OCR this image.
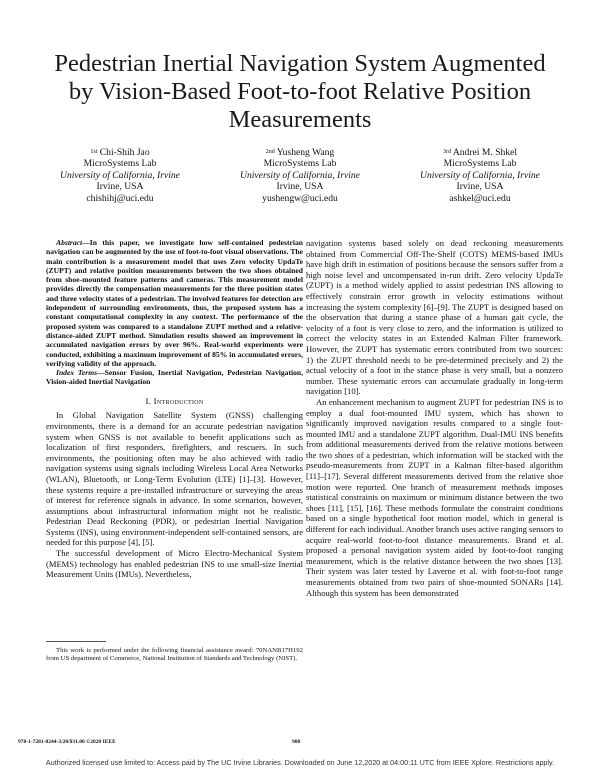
Pedestrian Inertial Navigation System Augmented by Vision-Based Foot-to-foot Relative Position Measurements
$^{1st}$ Chi-Shih Jao
MicroSystems Lab
University of California, Irvine
Irvine, USA
chishihj@uci.edu
$^{2nd}$ Yusheng Wang
MicroSystems Lab
University of California, Irvine
Irvine, USA
yushengw@uci.edu
$^{3rd}$ Andrei M. Shkel
MicroSystems Lab
University of California, Irvine
Irvine, USA
ashkel@uci.edu

Abstract—In this paper, we investigate how self-contained pedestrian navigation can be augmented by the use of foot-to-foot visual observations. The main contribution is a measurement model that uses Zero velocity UpdaTe (ZUPT) and relative position measurements between the two shoes obtained from shoe-mounted feature patterns and cameras. This measurement model provides directly the compensation measurements for the three position states and three velocity states of a pedestrian. The involved features for detection are independent of surrounding environments, thus, the proposed system has a constant computational complexity in any context. The performance of the proposed system was compared to a standalone ZUPT method and a relative-distance-aided ZUPT method. Simulation results showed an improvement in accumulated navigation errors by over 96%. Real-world experiments were conducted, exhibiting a maximum improvement of 85% in accumulated errors, verifying validity of the approach.

Index Terms—Sensor Fusion, Inertial Navigation, Pedestrian Navigation, Vision-aided Inertial Navigation

I. Introduction

In Global Navigation Satellite System (GNSS) challenging environments, there is a demand for an accurate pedestrian navigation system when GNSS is not available to benefit applications such as localization of first responders, firefighters, and rescuers. In such environments, the positioning often may be also achieved with radio navigation systems using signals including Wireless Local Area Networks (WLAN), Bluetooth, or Long-Term Evolution (LTE) [1]–[3]. However, these systems require a pre-installed infrastructure or surveying the areas of interest for reference signals in advance. In some scenarios, however, assumptions about infrastructural information might not be realistic. Pedestrian Dead Reckoning (PDR), or pedestrian Inertial Navigation Systems (INS), using environment-independent self-contained sensors, are needed for this purpose [4], [5].

The successful development of Micro Electro-Mechanical System (MEMS) technology has enabled pedestrian INS to use small-size Inertial Measurement Units (IMUs). Nevertheless,

This work is performed under the following financial assistance award: 70NANB17H192 from US department of Commerce, National Institution of Standards and Technology (NIST).

navigation systems based solely on dead reckoning measurements obtained from Commercial Off-The-Shelf (COTS) MEMS-based IMUs have high drift in estimation of positions because the sensors suffer from a high noise level and uncompensated in-run drift. Zero velocity UpdaTe (ZUPT) is a method widely applied to assist pedestrian INS allowing to effectively constrain error growth in velocity estimations without increasing the system complexity [6]–[9]. The ZUPT is designed based on the observation that during a stance phase of a human gait cycle, the velocity of a foot is very close to zero, and the information is utilized to correct the velocity states in an Extended Kalman Filter framework. However, the ZUPT has systematic errors contributed from two sources: 1) the ZUPT threshold needs to be pre-determined precisely and 2) the actual velocity of a foot in the stance phase is very small, but a nonzero number. These systematic errors can accumulate gradually in long-term navigation [10].

An enhancement mechanism to augment ZUPT for pedestrian INS is to employ a dual foot-mounted IMU system, which has shown to significantly improved navigation results compared to a single foot-mounted IMU and a standalone ZUPT algorithm. Dual-IMU INS benefits from additional measurements derived from the relative motions between the two shoes of a pedestrian, which information will be stacked with the pseudo-measurements from ZUPT in a Kalman filter-based algorithm [11]–[17]. Several different measurements derived from the relative shoe motion were reported. One branch of measurement methods imposes statistical constraints on maximum or minimum distance between the two shoes [11], [15], [16]. These methods formulate the constraint conditions based on a single hypothetical foot motion model, which in general is different for each individual. Another branch uses active ranging sensors to acquire real-world foot-to-foot distance measurements. Brand et al. proposed a personal navigation system aided by foot-to-foot ranging measurement, which is the relative distance between the two shoes [13]. Their system was later tested by Laverne et al. with foot-to-foot range measurements obtained from two pairs of shoe-mounted SONARs [14]. Although this system has been demonstrated

978-1-7281-0244-3/20/$31.00 ©2020 IEEE	900
Authorized licensed use limited to: Access paid by The UC Irvine Libraries. Downloaded on June 12,2020 at 04:00:11 UTC from IEEE Xplore. Restrictions apply.
